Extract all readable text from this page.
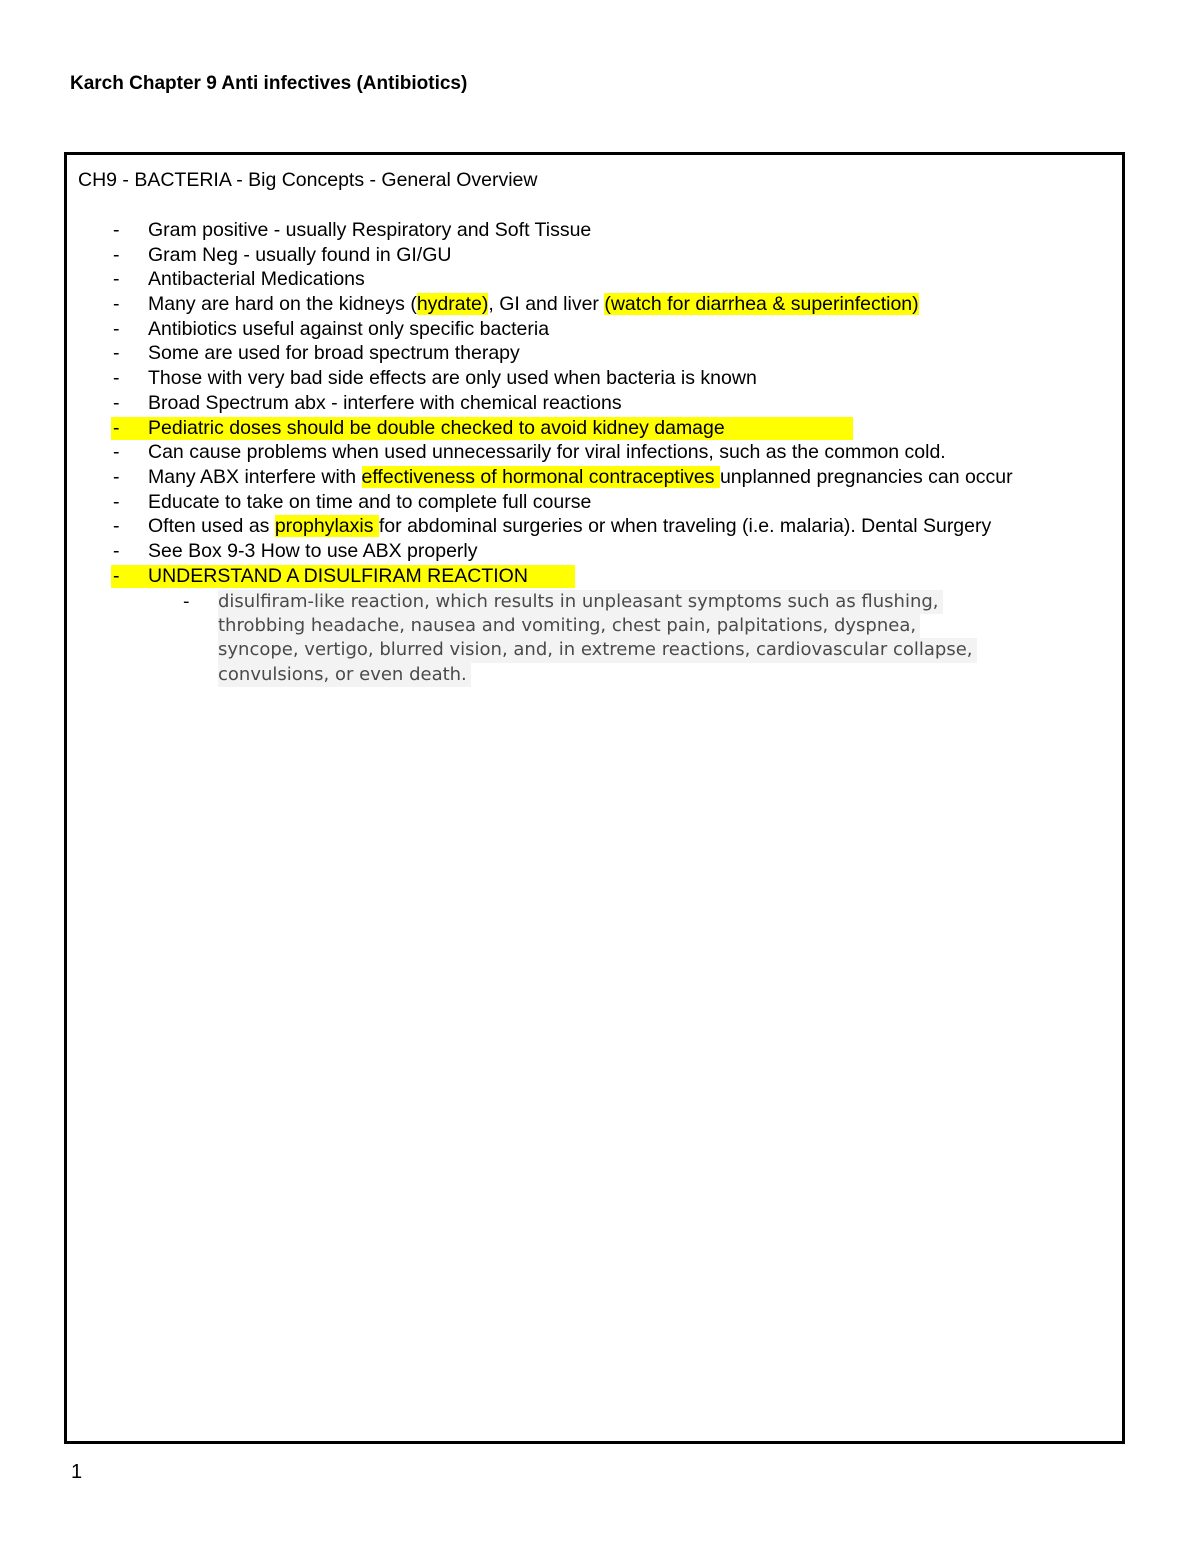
Karch Chapter 9 Anti infectives (Antibiotics)
CH9 - BACTERIA - Big Concepts - General Overview
- Gram positive - usually Respiratory and Soft Tissue
- Gram Neg - usually found in GI/GU
- Antibacterial Medications
- Many are hard on the kidneys (hydrate), GI and liver (watch for diarrhea & superinfection)
- Antibiotics useful against only specific bacteria
- Some are used for broad spectrum therapy
- Those with very bad side effects are only used when bacteria is known
- Broad Spectrum abx - interfere with chemical reactions
- Pediatric doses should be double checked to avoid kidney damage
- Can cause problems when used unnecessarily for viral infections, such as the common cold.
- Many ABX interfere with effectiveness of hormonal contraceptives unplanned pregnancies can occur
- Educate to take on time and to complete full course
- Often used as prophylaxis for abdominal surgeries or when traveling (i.e. malaria). Dental Surgery
- See Box 9-3 How to use ABX properly
- UNDERSTAND A DISULFIRAM REACTION
- disulfiram-like reaction, which results in unpleasant symptoms such as flushing,
throbbing headache, nausea and vomiting, chest pain, palpitations, dyspnea,
syncope, vertigo, blurred vision, and, in extreme reactions, cardiovascular collapse,
convulsions, or even death.
1
